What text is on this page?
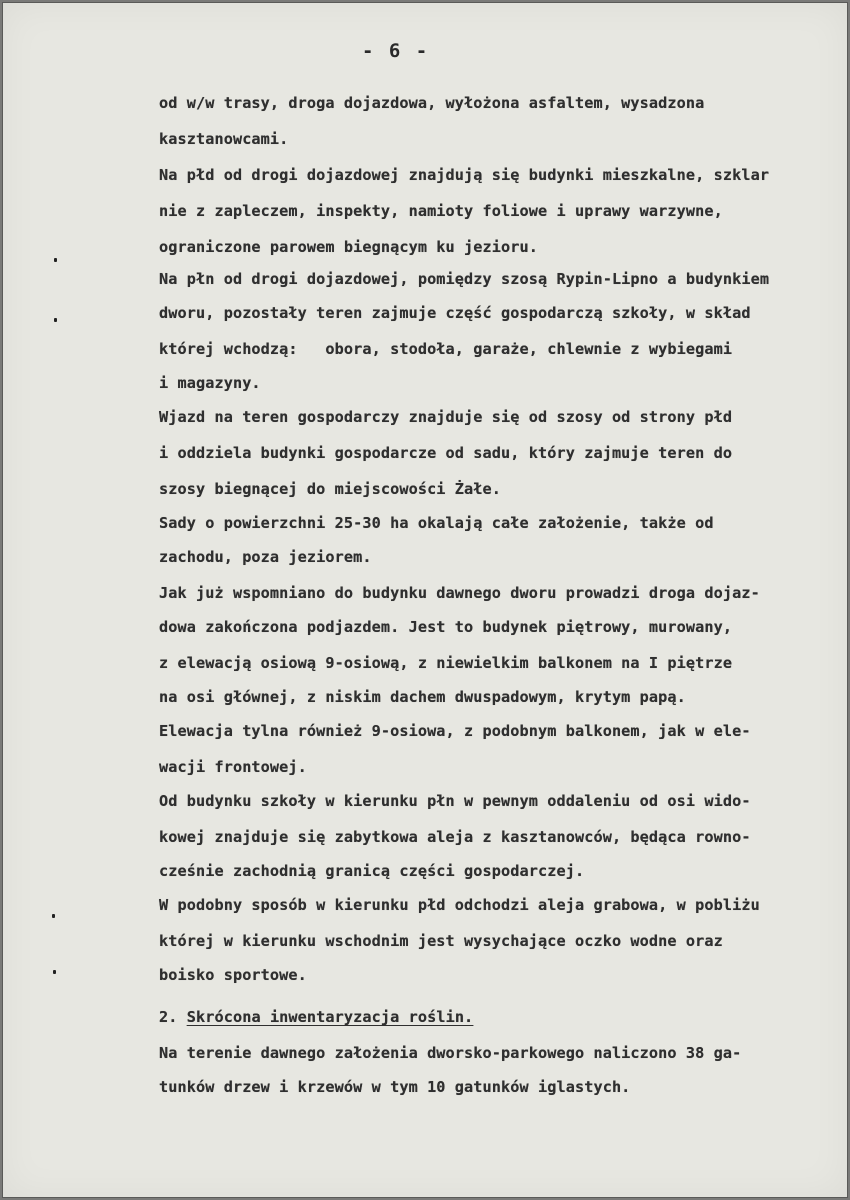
- 6 -
od w/w trasy, droga dojazdowa, wyłożona asfaltem, wysadzona
kasztanowcami.
Na płd od drogi dojazdowej znajdują się budynki mieszkalne, szklar
nie z zapleczem, inspekty, namioty foliowe i uprawy warzywne,
ograniczone parowem biegnącym ku jezioru.
Na płn od drogi dojazdowej, pomiędzy szosą Rypin-Lipno a budynkiem
dworu, pozostały teren zajmuje część gospodarczą szkoły, w skład
której wchodzą:   obora, stodoła, garaże, chlewnie z wybiegami
i magazyny.
Wjazd na teren gospodarczy znajduje się od szosy od strony płd
i oddziela budynki gospodarcze od sadu, który zajmuje teren do
szosy biegnącej do miejscowości Żałe.
Sady o powierzchni 25-30 ha okalają całe założenie, także od
zachodu, poza jeziorem.
Jak już wspomniano do budynku dawnego dworu prowadzi droga dojaz-
dowa zakończona podjazdem. Jest to budynek piętrowy, murowany,
z elewacją osiową 9-osiową, z niewielkim balkonem na I piętrze
na osi głównej, z niskim dachem dwuspadowym, krytym papą.
Elewacja tylna również 9-osiowa, z podobnym balkonem, jak w ele-
wacji frontowej.
Od budynku szkoły w kierunku płn w pewnym oddaleniu od osi wido-
kowej znajduje się zabytkowa aleja z kasztanowców, będąca rowno-
cześnie zachodnią granicą części gospodarczej.
W podobny sposób w kierunku płd odchodzi aleja grabowa, w pobliżu
której w kierunku wschodnim jest wysychające oczko wodne oraz
boisko sportowe.
2. Skrócona inwentaryzacja roślin.
Na terenie dawnego założenia dworsko-parkowego naliczono 38 ga-
tunków drzew i krzewów w tym 10 gatunków iglastych.
